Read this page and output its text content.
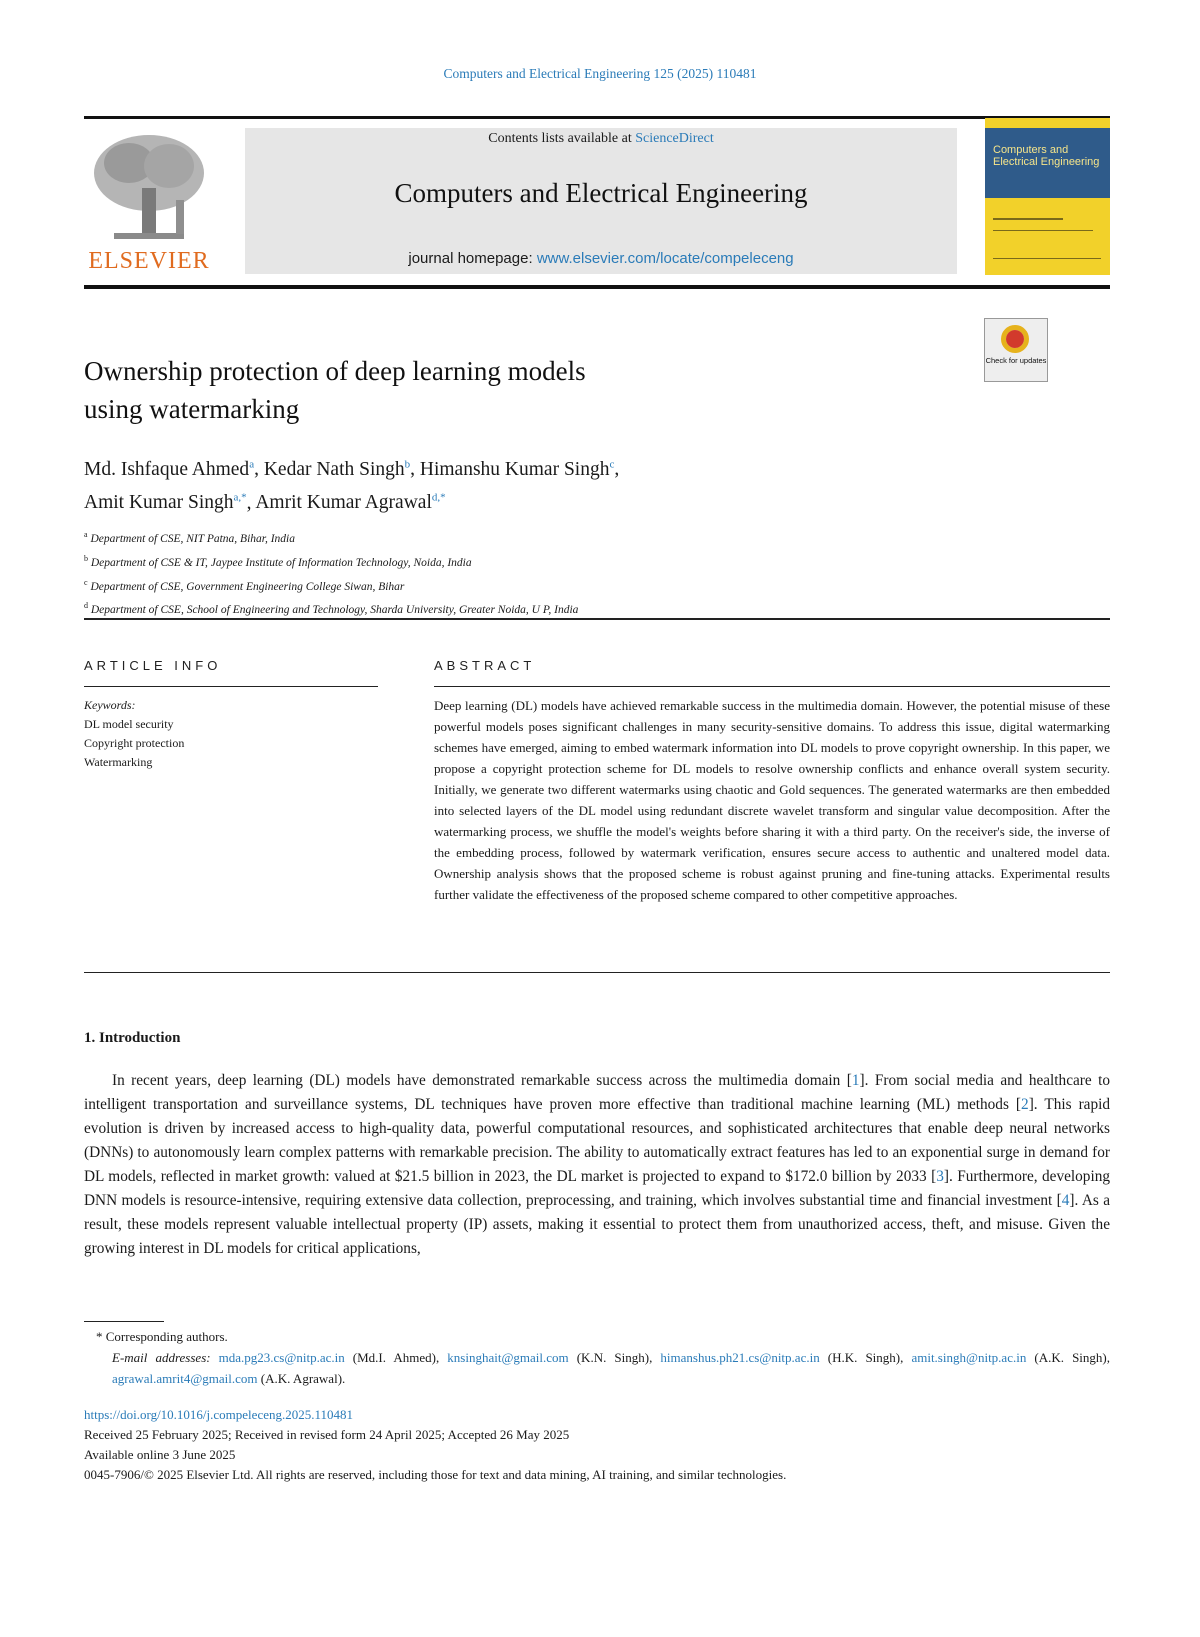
Computers and Electrical Engineering 125 (2025) 110481
ELSEVIER
Contents lists available at ScienceDirect
Computers and Electrical Engineering
journal homepage: www.elsevier.com/locate/compeleceng
Computers and Electrical Engineering
Check for updates
Ownership protection of deep learning models
using watermarking
Md. Ishfaque Ahmed$^a$, Kedar Nath Singh$^b$, Himanshu Kumar Singh$^c$,
Amit Kumar Singh$^{a,*}$, Amrit Kumar Agrawal$^{d,*}$
$^a$ Department of CSE, NIT Patna, Bihar, India
$^b$ Department of CSE & IT, Jaypee Institute of Information Technology, Noida, India
$^c$ Department of CSE, Government Engineering College Siwan, Bihar
$^d$ Department of CSE, School of Engineering and Technology, Sharda University, Greater Noida, U P, India
ARTICLE INFO	ABSTRACT
Keywords:
DL model security
Copyright protection
Watermarking
Deep learning (DL) models have achieved remarkable success in the multimedia domain. However, the potential misuse of these powerful models poses significant challenges in many security-sensitive domains. To address this issue, digital watermarking schemes have emerged, aiming to embed watermark information into DL models to prove copyright ownership. In this paper, we propose a copyright protection scheme for DL models to resolve ownership conflicts and enhance overall system security. Initially, we generate two different watermarks using chaotic and Gold sequences. The generated watermarks are then embedded into selected layers of the DL model using redundant discrete wavelet transform and singular value decomposition. After the watermarking process, we shuffle the model's weights before sharing it with a third party. On the receiver's side, the inverse of the embedding process, followed by watermark verification, ensures secure access to authentic and unaltered model data. Ownership analysis shows that the proposed scheme is robust against pruning and fine-tuning attacks. Experimental results further validate the effectiveness of the proposed scheme compared to other competitive approaches.
1. Introduction
In recent years, deep learning (DL) models have demonstrated remarkable success across the multimedia domain [1]. From social media and healthcare to intelligent transportation and surveillance systems, DL techniques have proven more effective than traditional machine learning (ML) methods [2]. This rapid evolution is driven by increased access to high-quality data, powerful computational resources, and sophisticated architectures that enable deep neural networks (DNNs) to autonomously learn complex patterns with remarkable precision. The ability to automatically extract features has led to an exponential surge in demand for DL models, reflected in market growth: valued at $21.5 billion in 2023, the DL market is projected to expand to $172.0 billion by 2033 [3]. Furthermore, developing DNN models is resource-intensive, requiring extensive data collection, preprocessing, and training, which involves substantial time and financial investment [4]. As a result, these models represent valuable intellectual property (IP) assets, making it essential to protect them from unauthorized access, theft, and misuse. Given the growing interest in DL models for critical applications,
* Corresponding authors.
E-mail addresses: mda.pg23.cs@nitp.ac.in (Md.I. Ahmed), knsinghait@gmail.com (K.N. Singh), himanshus.ph21.cs@nitp.ac.in (H.K. Singh), amit.singh@nitp.ac.in (A.K. Singh), agrawal.amrit4@gmail.com (A.K. Agrawal).
https://doi.org/10.1016/j.compeleceng.2025.110481
Received 25 February 2025; Received in revised form 24 April 2025; Accepted 26 May 2025
Available online 3 June 2025
0045-7906/© 2025 Elsevier Ltd. All rights are reserved, including those for text and data mining, AI training, and similar technologies.
